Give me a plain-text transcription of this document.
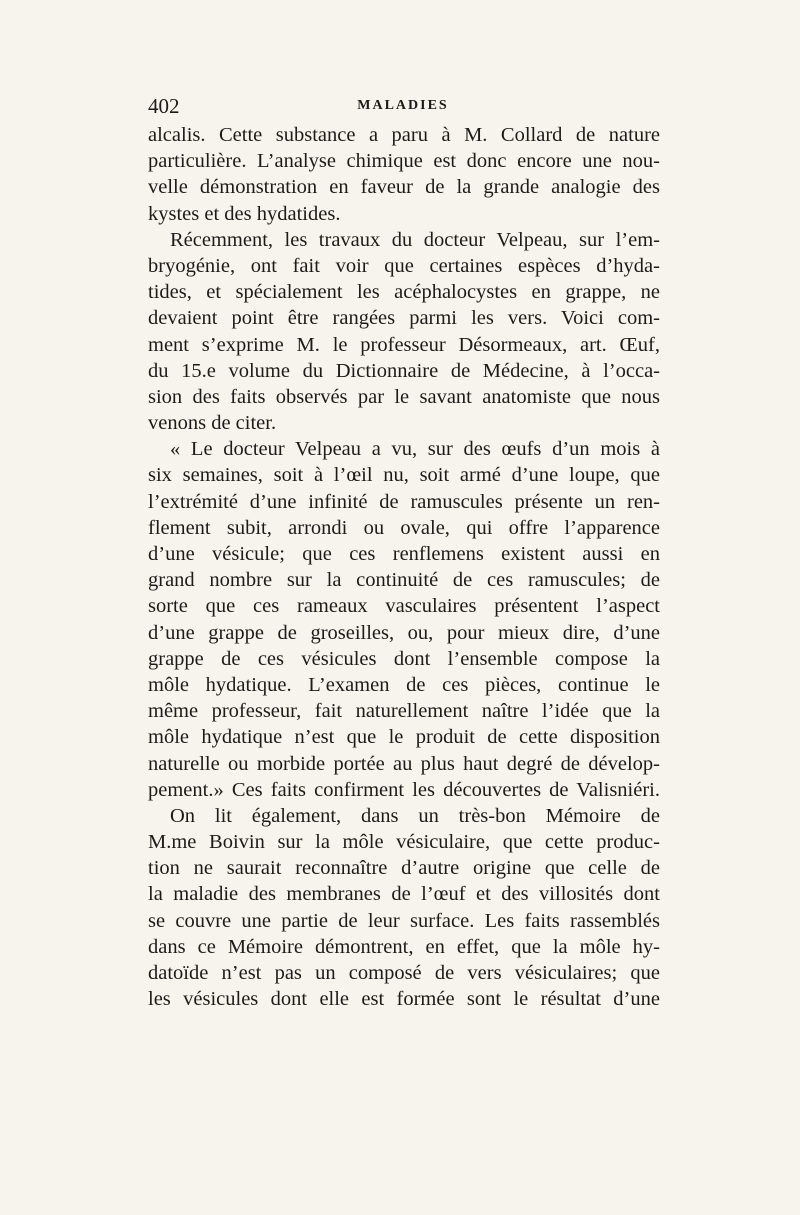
402	MALADIES
alcalis. Cette substance a paru à M. Collard de nature
particulière. L’analyse chimique est donc encore une nou-
velle démonstration en faveur de la grande analogie des
kystes et des hydatides.
Récemment, les travaux du docteur Velpeau, sur l’em-
bryogénie, ont fait voir que certaines espèces d’hyda-
tides, et spécialement les acéphalocystes en grappe, ne
devaient point être rangées parmi les vers. Voici com-
ment s’exprime M. le professeur Désormeaux, art. Œuf,
du 15.e volume du Dictionnaire de Médecine, à l’occa-
sion des faits observés par le savant anatomiste que nous
venons de citer.
« Le docteur Velpeau a vu, sur des œufs d’un mois à
six semaines, soit à l’œil nu, soit armé d’une loupe, que
l’extrémité d’une infinité de ramuscules présente un ren-
flement subit, arrondi ou ovale, qui offre l’apparence
d’une vésicule; que ces renflemens existent aussi en
grand nombre sur la continuité de ces ramuscules; de
sorte que ces rameaux vasculaires présentent l’aspect
d’une grappe de groseilles, ou, pour mieux dire, d’une
grappe de ces vésicules dont l’ensemble compose la
môle hydatique. L’examen de ces pièces, continue le
même professeur, fait naturellement naître l’idée que la
môle hydatique n’est que le produit de cette disposition
naturelle ou morbide portée au plus haut degré de dévelop-
pement.» Ces faits confirment les découvertes de Valisniéri.
On lit également, dans un très-bon Mémoire de
M.me Boivin sur la môle vésiculaire, que cette produc-
tion ne saurait reconnaître d’autre origine que celle de
la maladie des membranes de l’œuf et des villosités dont
se couvre une partie de leur surface. Les faits rassemblés
dans ce Mémoire démontrent, en effet, que la môle hy-
datoïde n’est pas un composé de vers vésiculaires; que
les vésicules dont elle est formée sont le résultat d’une
